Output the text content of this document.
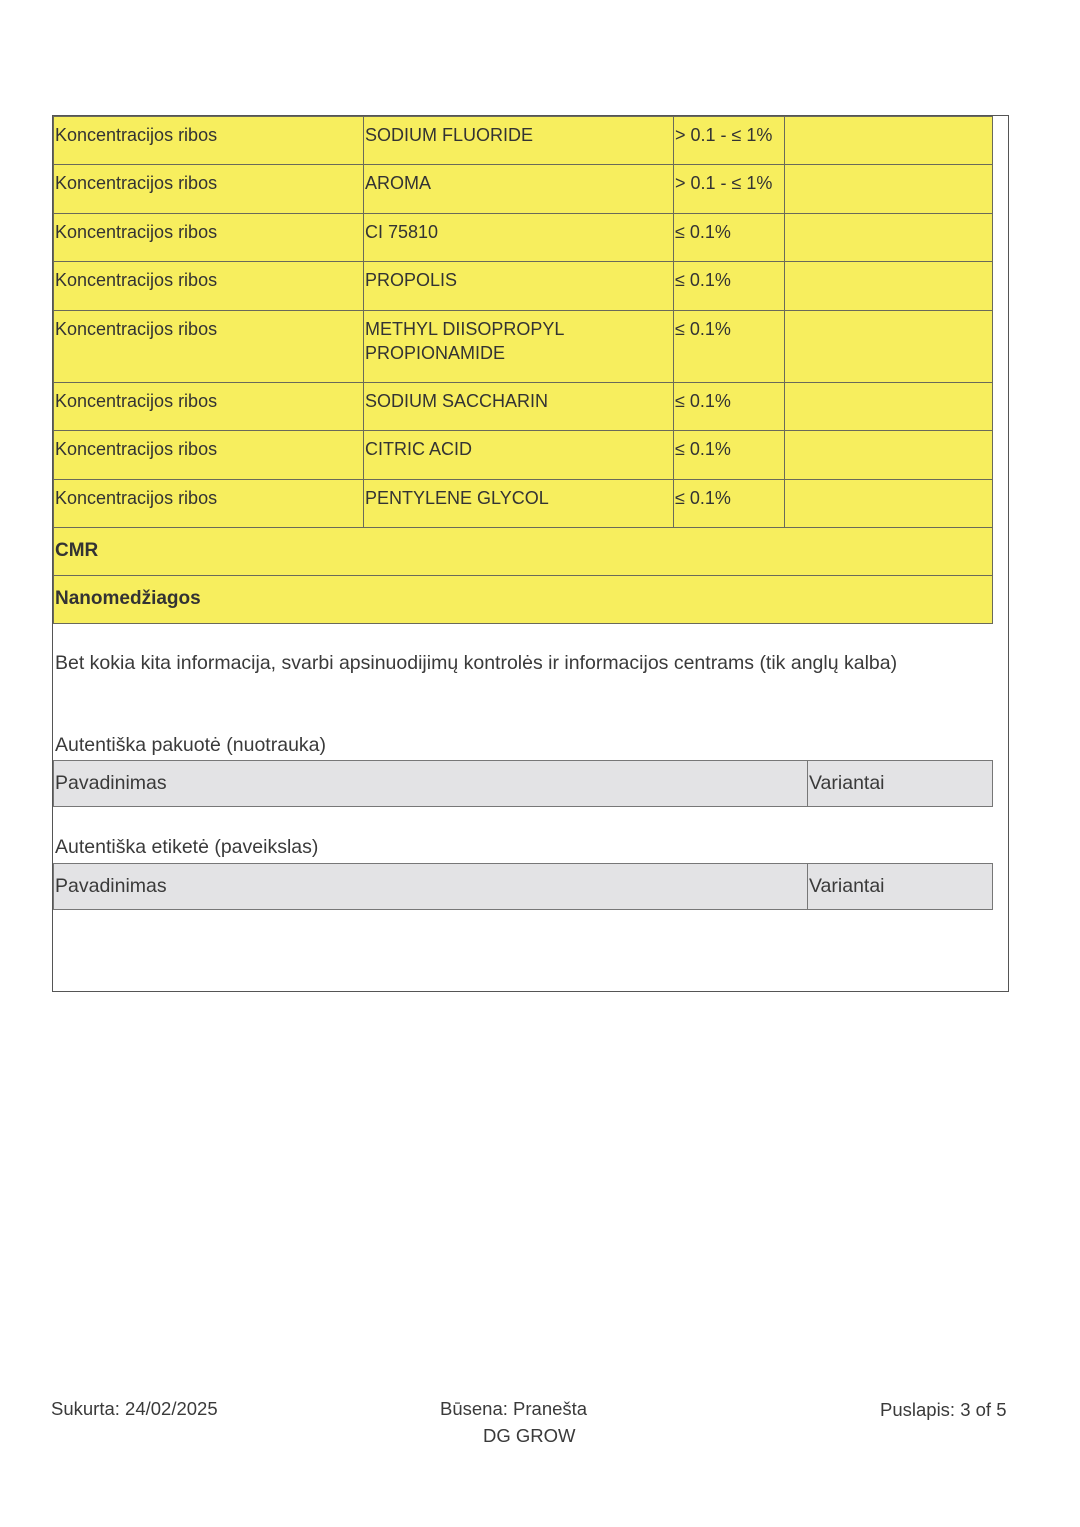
Koncentracijos ribos	SODIUM FLUORIDE	> 0.1 - ≤ 1%	
Koncentracijos ribos	AROMA	> 0.1 - ≤ 1%	
Koncentracijos ribos	CI 75810	≤ 0.1%	
Koncentracijos ribos	PROPOLIS	≤ 0.1%	
Koncentracijos ribos	METHYL DIISOPROPYL PROPIONAMIDE	≤ 0.1%	
Koncentracijos ribos	SODIUM SACCHARIN	≤ 0.1%	
Koncentracijos ribos	CITRIC ACID	≤ 0.1%	
Koncentracijos ribos	PENTYLENE GLYCOL	≤ 0.1%	
CMR			
Nanomedžiagos			
Bet kokia kita informacija, svarbi apsinuodijimų kontrolės ir informacijos centrams (tik anglų kalba)
Autentiška pakuotė (nuotrauka)
Pavadinimas	Variantai
Autentiška etiketė (paveikslas)
Pavadinimas	Variantai
Sukurta: 24/02/2025	Būsena: Pranešta
DG GROW
Puslapis: 3 of 5
